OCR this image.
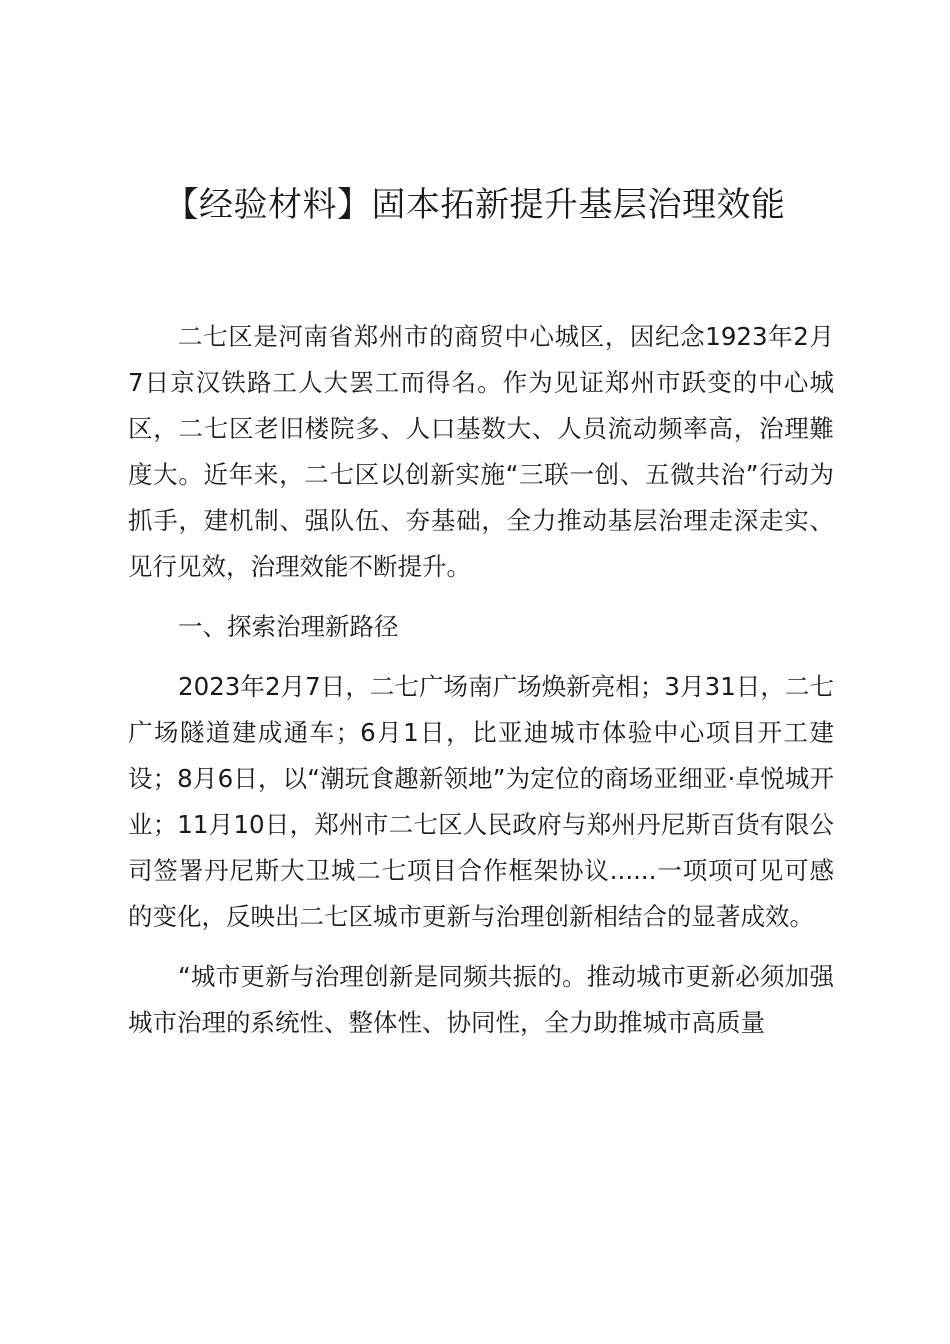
【经验材料】固本拓新提升基层治理效能

二七区是河南省郑州市的商贸中心城区，因纪念1923年2月7日京汉铁路工人大罢工而得名。作为见证郑州市跃变的中心城区，二七区老旧楼院多、人口基数大、人员流动频率高，治理難度大。近年来，二七区以创新实施“三联一创、五微共治”行动为抓手，建机制、强队伍、夯基础，全力推动基层治理走深走实、见行见效，治理效能不断提升。

一、探索治理新路径

2023年2月7日，二七广场南广场焕新亮相；3月31日，二七广场隧道建成通车；6月1日，比亚迪城市体验中心项目开工建设；8月6日，以“潮玩食趣新领地”为定位的商场亚细亚·卓悦城开业；11月10日，郑州市二七区人民政府与郑州丹尼斯百货有限公司签署丹尼斯大卫城二七项目合作框架协议......一项项可见可感的变化，反映出二七区城市更新与治理创新相结合的显著成效。

“城市更新与治理创新是同频共振的。推动城市更新必须加强城市治理的系统性、整体性、协同性，全力助推城市高质量
